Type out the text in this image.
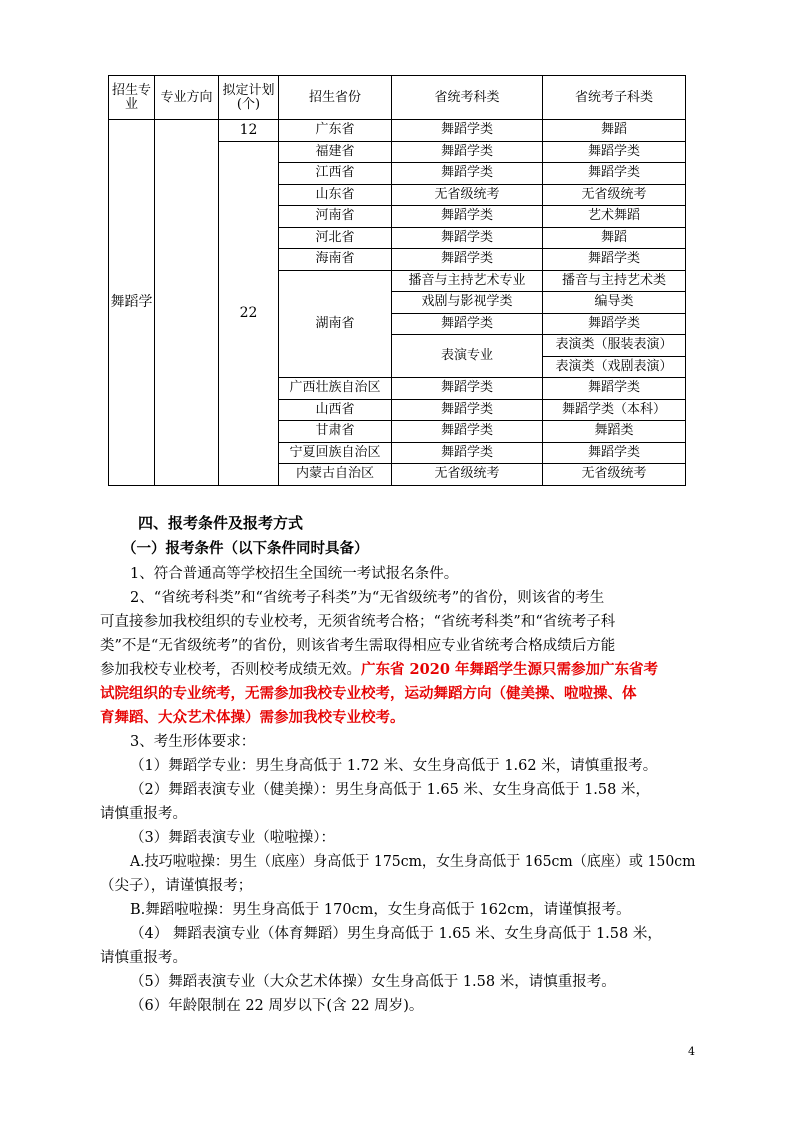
招生专业	专业方向	拟定计划(个)	招生省份	省统考科类	省统考子科类
舞蹈学		12	广东省	舞蹈学类	舞蹈
		22	福建省	舞蹈学类	舞蹈学类
			江西省	舞蹈学类	舞蹈学类
			山东省	无省级统考	无省级统考
			河南省	舞蹈学类	艺术舞蹈
			河北省	舞蹈学类	舞蹈
			海南省	舞蹈学类	舞蹈学类
			湖南省	播音与主持艺术专业	播音与主持艺术类
				戏剧与影视学类	编导类
				舞蹈学类	舞蹈学类
				表演专业	表演类（服装表演）
					表演类（戏剧表演）
			广西壮族自治区	舞蹈学类	舞蹈学类
			山西省	舞蹈学类	舞蹈学类（本科）
			甘肃省	舞蹈学类	舞蹈类
			宁夏回族自治区	舞蹈学类	舞蹈学类
			内蒙古自治区	无省级统考	无省级统考
四、报考条件及报考方式
（一）报考条件（以下条件同时具备）
1、符合普通高等学校招生全国统一考试报名条件。
2、“省统考科类”和“省统考子科类”为“无省级统考”的省份，则该省的考生
可直接参加我校组织的专业校考，无须省统考合格；“省统考科类”和“省统考子科
类”不是“无省级统考”的省份，则该省考生需取得相应专业省统考合格成绩后方能
参加我校专业校考，否则校考成绩无效。广东省 2020 年舞蹈学生源只需参加广东省考
试院组织的专业统考，无需参加我校专业校考，运动舞蹈方向（健美操、啦啦操、体
育舞蹈、大众艺术体操）需参加我校专业校考。
3、考生形体要求：
（1）舞蹈学专业：男生身高低于 1.72 米、女生身高低于 1.62 米，请慎重报考。
（2）舞蹈表演专业（健美操）：男生身高低于 1.65 米、女生身高低于 1.58 米，
请慎重报考。
（3）舞蹈表演专业（啦啦操）：
A.技巧啦啦操：男生（底座）身高低于 175cm，女生身高低于 165cm（底座）或 150cm
（尖子），请谨慎报考；
B.舞蹈啦啦操：男生身高低于 170cm，女生身高低于 162cm，请谨慎报考。
（4） 舞蹈表演专业（体育舞蹈）男生身高低于 1.65 米、女生身高低于 1.58 米，
请慎重报考。
（5）舞蹈表演专业（大众艺术体操）女生身高低于 1.58 米，请慎重报考。
（6）年龄限制在 22 周岁以下(含 22 周岁)。
4
